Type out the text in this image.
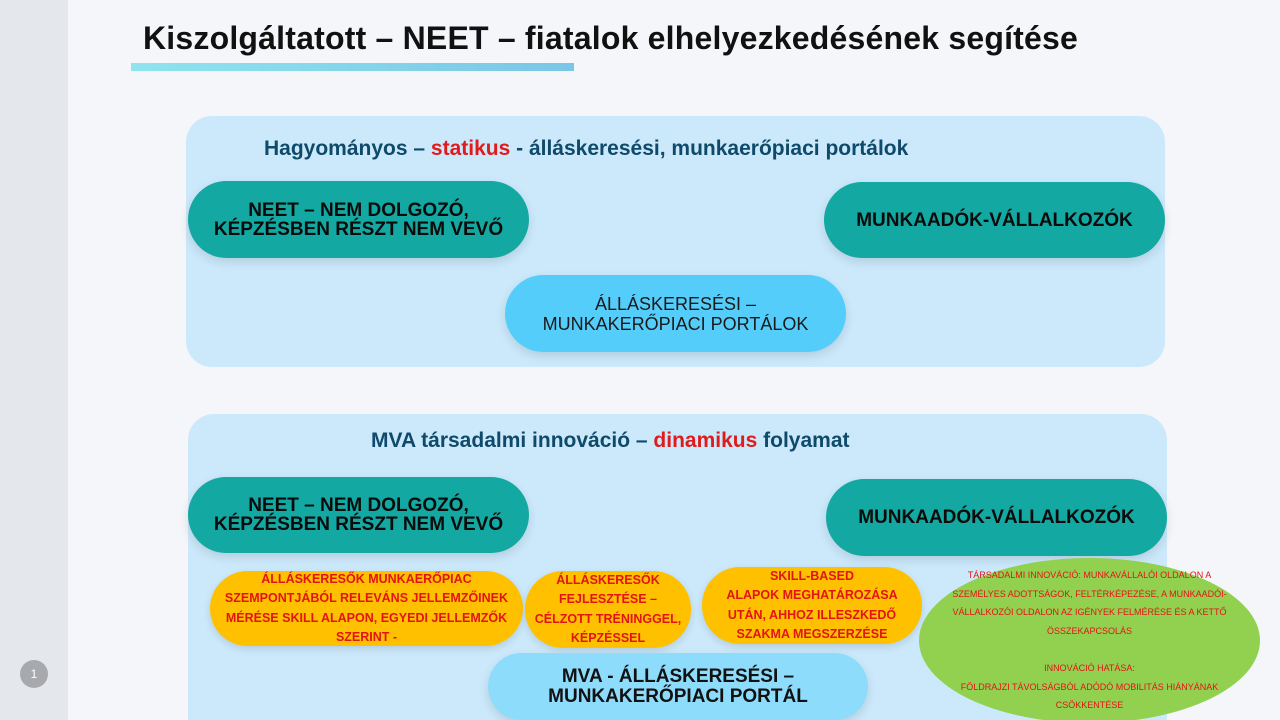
1
Kiszolgáltatott – NEET – fiatalok elhelyezkedésének segítése
Hagyományos – statikus - álláskeresési, munkaerőpiaci portálok
NEET – NEM DOLGOZÓ,
KÉPZÉSBEN RÉSZT NEM VEVŐ	MUNKAADÓK-VÁLLALKOZÓK
ÁLLÁSKERESÉSI –
MUNKAKERŐPIACI PORTÁLOK
MVA társadalmi innováció – dinamikus folyamat
NEET – NEM DOLGOZÓ,
KÉPZÉSBEN RÉSZT NEM VEVŐ	MUNKAADÓK-VÁLLALKOZÓK
ÁLLÁSKERESŐK MUNKAERŐPIAC
SZEMPONTJÁBÓL RELEVÁNS JELLEMZŐINEK
MÉRÉSE SKILL ALAPON, EGYEDI JELLEMZŐK
SZERINT -
ÁLLÁSKERESŐK
FEJLESZTÉSE –
CÉLZOTT TRÉNINGGEL,
KÉPZÉSSEL
SKILL-BASED
ALAPOK MEGHATÁROZÁSA
UTÁN, AHHOZ ILLESZKEDŐ
SZAKMA MEGSZERZÉSE
MVA - ÁLLÁSKERESÉSI –
MUNKAKERŐPIACI PORTÁL
TÁRSADALMI INNOVÁCIÓ: MUNKAVÁLLALÓI OLDALON A
SZEMÉLYES ADOTTSÁGOK, FELTÉRKÉPEZÉSE, A MUNKAADÓI-
VÁLLALKOZÓI OLDALON AZ IGÉNYEK FELMÉRÉSE ÉS A KETTŐ
ÖSSZEKAPCSOLÁS

INNOVÁCIÓ HATÁSA:
FÖLDRAJZI TÁVOLSÁGBÓL ADÓDÓ MOBILITÁS HIÁNYÁNAK
CSÖKKENTÉSE
